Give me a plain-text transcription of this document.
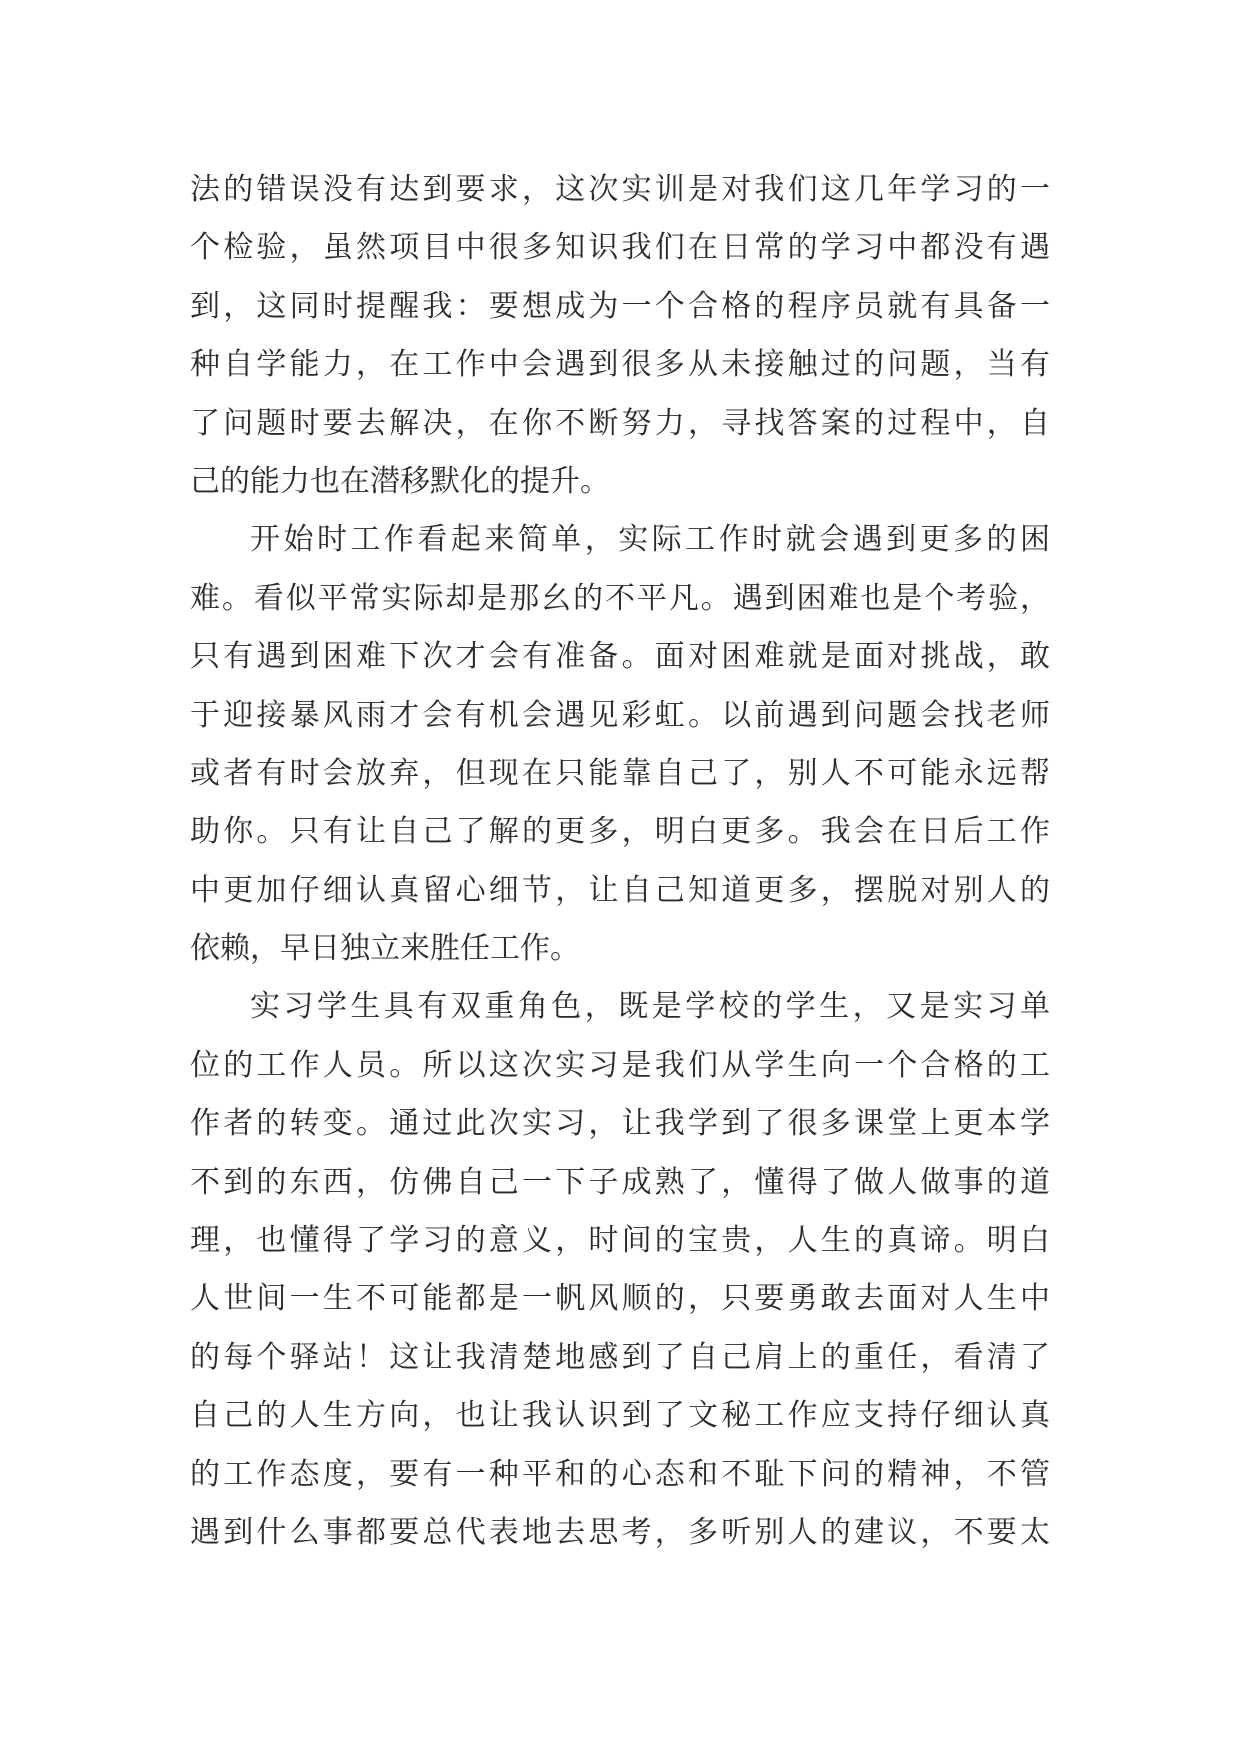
法的错误没有达到要求，这次实训是对我们这几年学习的一
个检验，虽然项目中很多知识我们在日常的学习中都没有遇
到，这同时提醒我：要想成为一个合格的程序员就有具备一
种自学能力，在工作中会遇到很多从未接触过的问题，当有
了问题时要去解决，在你不断努力，寻找答案的过程中，自
己的能力也在潜移默化的提升。
开始时工作看起来简单，实际工作时就会遇到更多的困
难。看似平常实际却是那幺的不平凡。遇到困难也是个考验，
只有遇到困难下次才会有准备。面对困难就是面对挑战，敢
于迎接暴风雨才会有机会遇见彩虹。以前遇到问题会找老师
或者有时会放弃，但现在只能靠自己了，别人不可能永远帮
助你。只有让自己了解的更多，明白更多。我会在日后工作
中更加仔细认真留心细节，让自己知道更多，摆脱对别人的
依赖，早日独立来胜任工作。
实习学生具有双重角色，既是学校的学生，又是实习单
位的工作人员。所以这次实习是我们从学生向一个合格的工
作者的转变。通过此次实习，让我学到了很多课堂上更本学
不到的东西，仿佛自己一下子成熟了，懂得了做人做事的道
理，也懂得了学习的意义，时间的宝贵，人生的真谛。明白
人世间一生不可能都是一帆风顺的，只要勇敢去面对人生中
的每个驿站！这让我清楚地感到了自己肩上的重任，看清了
自己的人生方向，也让我认识到了文秘工作应支持仔细认真
的工作态度，要有一种平和的心态和不耻下问的精神，不管
遇到什么事都要总代表地去思考，多听别人的建议，不要太
